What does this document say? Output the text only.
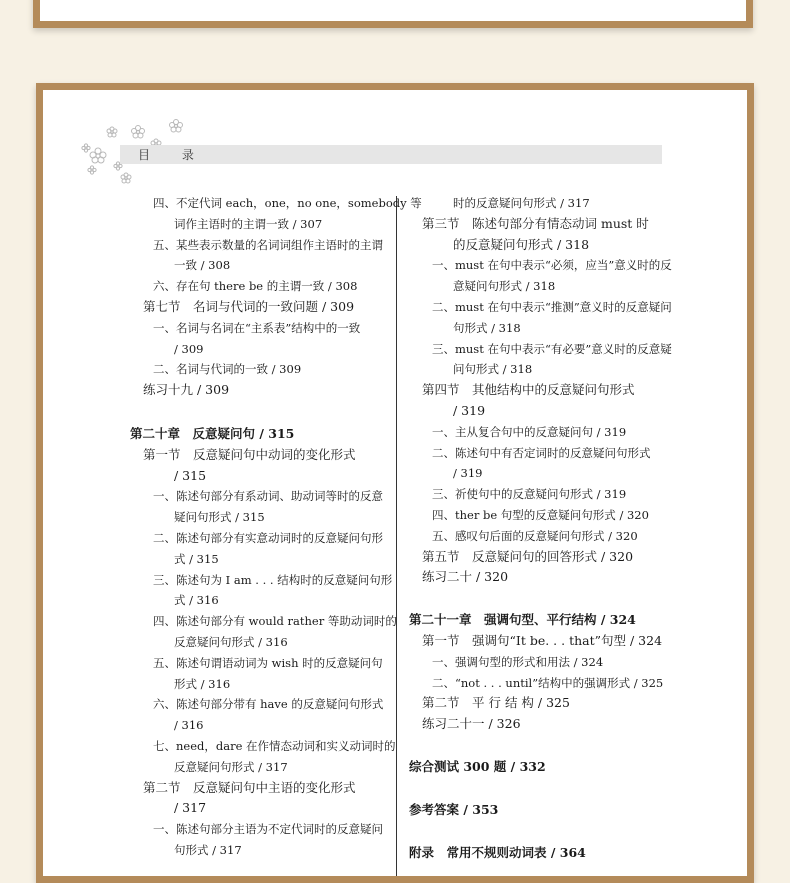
目 录
四、不定代词 each，one，no one，somebody 等
词作主语时的主谓一致 / 307
五、某些表示数量的名词词组作主语时的主谓
一致 / 308
六、存在句 there be 的主谓一致 / 308
第七节　名词与代词的一致问题 / 309
一、名词与名词在“主系表”结构中的一致
/ 309
二、名词与代词的一致 / 309
练习十九 / 309
第二十章　反意疑问句 / 315
第一节　反意疑问句中动词的变化形式
/ 315
一、陈述句部分有系动词、助动词等时的反意
疑问句形式 / 315
二、陈述句部分有实意动词时的反意疑问句形
式 / 315
三、陈述句为 I am . . . 结构时的反意疑问句形
式 / 316
四、陈述句部分有 would rather 等助动词时的
反意疑问句形式 / 316
五、陈述句谓语动词为 wish 时的反意疑问句
形式 / 316
六、陈述句部分带有 have 的反意疑问句形式
/ 316
七、need，dare 在作情态动词和实义动词时的
反意疑问句形式 / 317
第二节　反意疑问句中主语的变化形式
/ 317
一、陈述句部分主语为不定代词时的反意疑问
句形式 / 317
时的反意疑问句形式 / 317
第三节　陈述句部分有情态动词 must 时
的反意疑问句形式 / 318
一、must 在句中表示“必须，应当”意义时的反
意疑问句形式 / 318
二、must 在句中表示“推测”意义时的反意疑问
句形式 / 318
三、must 在句中表示“有必要”意义时的反意疑
问句形式 / 318
第四节　其他结构中的反意疑问句形式
/ 319
一、主从复合句中的反意疑问句 / 319
二、陈述句中有否定词时的反意疑问句形式
/ 319
三、祈使句中的反意疑问句形式 / 319
四、ther be 句型的反意疑问句形式 / 320
五、感叹句后面的反意疑问句形式 / 320
第五节　反意疑问句的回答形式 / 320
练习二十 / 320
第二十一章　强调句型、平行结构 / 324
第一节　强调句“It be. . . that”句型 / 324
一、强调句型的形式和用法 / 324
二、“not . . . until”结构中的强调形式 / 325
第二节　平 行 结 构 / 325
练习二十一 / 326
综合测试 300 题 / 332
参考答案 / 353
附录　常用不规则动词表 / 364
